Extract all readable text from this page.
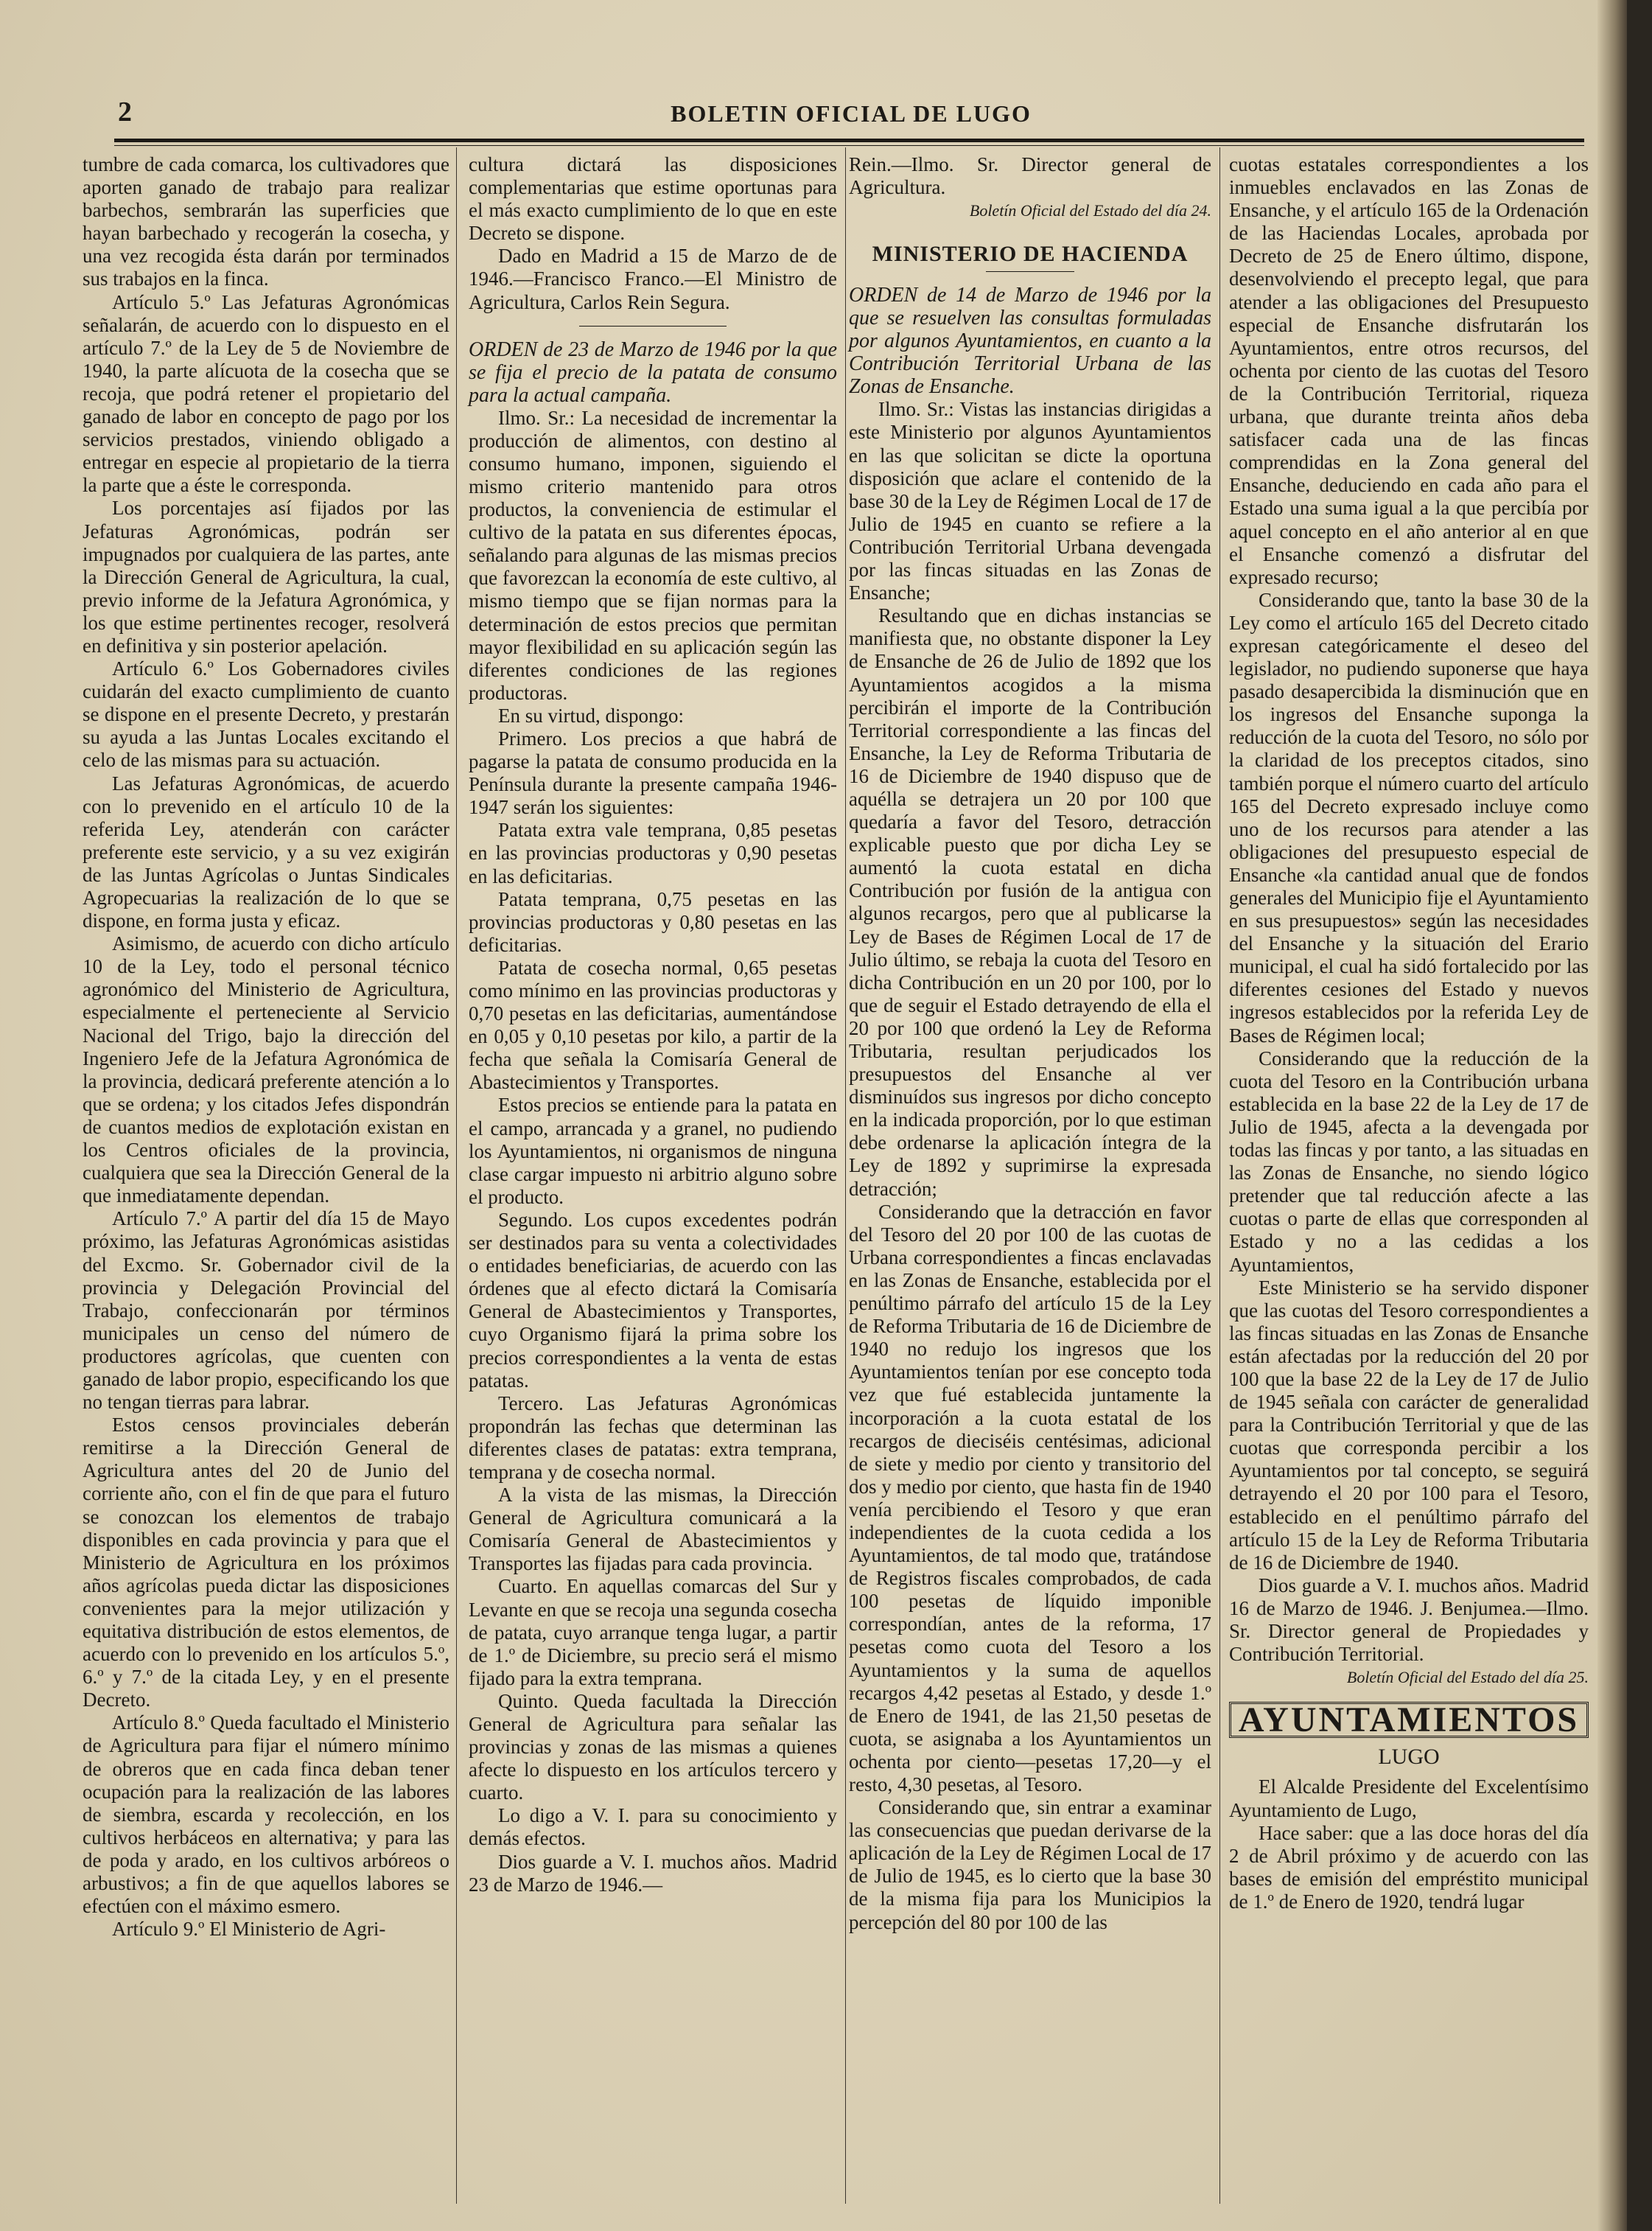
2	BOLETIN OFICIAL DE LUGO

tumbre de cada comarca, los cultivadores que aporten ganado de trabajo para realizar barbechos, sembrarán las superficies que hayan barbechado y recogerán la cosecha, y una vez recogida ésta darán por terminados sus trabajos en la finca.

Artículo 5.º Las Jefaturas Agronómicas señalarán, de acuerdo con lo dispuesto en el artículo 7.º de la Ley de 5 de Noviembre de 1940, la parte alícuota de la cosecha que se recoja, que podrá retener el propietario del ganado de labor en concepto de pago por los servicios prestados, viniendo obligado a entregar en especie al propietario de la tierra la parte que a éste le corresponda.

Los porcentajes así fijados por las Jefaturas Agronómicas, podrán ser impugnados por cualquiera de las partes, ante la Dirección General de Agricultura, la cual, previo informe de la Jefatura Agronómica, y los que estime pertinentes recoger, resolverá en definitiva y sin posterior apelación.

Artículo 6.º Los Gobernadores civiles cuidarán del exacto cumplimiento de cuanto se dispone en el presente Decreto, y prestarán su ayuda a las Juntas Locales excitando el celo de las mismas para su actuación.

Las Jefaturas Agronómicas, de acuerdo con lo prevenido en el artículo 10 de la referida Ley, atenderán con carácter preferente este servicio, y a su vez exigirán de las Juntas Agrícolas o Juntas Sindicales Agropecuarias la realización de lo que se dispone, en forma justa y eficaz.

Asimismo, de acuerdo con dicho artículo 10 de la Ley, todo el personal técnico agronómico del Ministerio de Agricultura, especialmente el perteneciente al Servicio Nacional del Trigo, bajo la dirección del Ingeniero Jefe de la Jefatura Agronómica de la provincia, dedicará preferente atención a lo que se ordena; y los citados Jefes dispondrán de cuantos medios de explotación existan en los Centros oficiales de la provincia, cualquiera que sea la Dirección General de la que inmediatamente dependan.

Artículo 7.º A partir del día 15 de Mayo próximo, las Jefaturas Agronómicas asistidas del Excmo. Sr. Gobernador civil de la provincia y Delegación Provincial del Trabajo, confeccionarán por términos municipales un censo del número de productores agrícolas, que cuenten con ganado de labor propio, especificando los que no tengan tierras para labrar.

Estos censos provinciales deberán remitirse a la Dirección General de Agricultura antes del 20 de Junio del corriente año, con el fin de que para el futuro se conozcan los elementos de trabajo disponibles en cada provincia y para que el Ministerio de Agricultura en los próximos años agrícolas pueda dictar las disposiciones convenientes para la mejor utilización y equitativa distribución de estos elementos, de acuerdo con lo prevenido en los artículos 5.º, 6.º y 7.º de la citada Ley, y en el presente Decreto.

Artículo 8.º Queda facultado el Ministerio de Agricultura para fijar el número mínimo de obreros que en cada finca deban tener ocupación para la realización de las labores de siembra, escarda y recolección, en los cultivos herbáceos en alternativa; y para las de poda y arado, en los cultivos arbóreos o arbustivos; a fin de que aquellos labores se efectúen con el máximo esmero.

Artículo 9.º El Ministerio de Agri-

cultura dictará las disposiciones complementarias que estime oportunas para el más exacto cumplimiento de lo que en este Decreto se dispone.

Dado en Madrid a 15 de Marzo de de 1946.—Francisco Franco.—El Ministro de Agricultura, Carlos Rein Segura.

ORDEN de 23 de Marzo de 1946 por la que se fija el precio de la patata de consumo para la actual campaña.

Ilmo. Sr.: La necesidad de incrementar la producción de alimentos, con destino al consumo humano, imponen, siguiendo el mismo criterio mantenido para otros productos, la conveniencia de estimular el cultivo de la patata en sus diferentes épocas, señalando para algunas de las mismas precios que favorezcan la economía de este cultivo, al mismo tiempo que se fijan normas para la determinación de estos precios que permitan mayor flexibilidad en su aplicación según las diferentes condiciones de las regiones productoras.

En su virtud, dispongo:

Primero. Los precios a que habrá de pagarse la patata de consumo producida en la Península durante la presente campaña 1946-1947 serán los siguientes:

Patata extra vale temprana, 0,85 pesetas en las provincias productoras y 0,90 pesetas en las deficitarias.

Patata temprana, 0,75 pesetas en las provincias productoras y 0,80 pesetas en las deficitarias.

Patata de cosecha normal, 0,65 pesetas como mínimo en las provincias productoras y 0,70 pesetas en las deficitarias, aumentándose en 0,05 y 0,10 pesetas por kilo, a partir de la fecha que señala la Comisaría General de Abastecimientos y Transportes.

Estos precios se entiende para la patata en el campo, arrancada y a granel, no pudiendo los Ayuntamientos, ni organismos de ninguna clase cargar impuesto ni arbitrio alguno sobre el producto.

Segundo. Los cupos excedentes podrán ser destinados para su venta a colectividades o entidades beneficiarias, de acuerdo con las órdenes que al efecto dictará la Comisaría General de Abastecimientos y Transportes, cuyo Organismo fijará la prima sobre los precios correspondientes a la venta de estas patatas.

Tercero. Las Jefaturas Agronómicas propondrán las fechas que determinan las diferentes clases de patatas: extra temprana, temprana y de cosecha normal.

A la vista de las mismas, la Dirección General de Agricultura comunicará a la Comisaría General de Abastecimientos y Transportes las fijadas para cada provincia.

Cuarto. En aquellas comarcas del Sur y Levante en que se recoja una segunda cosecha de patata, cuyo arranque tenga lugar, a partir de 1.º de Diciembre, su precio será el mismo fijado para la extra temprana.

Quinto. Queda facultada la Dirección General de Agricultura para señalar las provincias y zonas de las mismas a quienes afecte lo dispuesto en los artículos tercero y cuarto.

Lo digo a V. I. para su conocimiento y demás efectos.

Dios guarde a V. I. muchos años. Madrid 23 de Marzo de 1946.—

Rein.—Ilmo. Sr. Director general de Agricultura.

Boletín Oficial del Estado del día 24.

MINISTERIO DE HACIENDA

ORDEN de 14 de Marzo de 1946 por la que se resuelven las consultas formuladas por algunos Ayuntamientos, en cuanto a la Contribución Territorial Urbana de las Zonas de Ensanche.

Ilmo. Sr.: Vistas las instancias dirigidas a este Ministerio por algunos Ayuntamientos en las que solicitan se dicte la oportuna disposición que aclare el contenido de la base 30 de la Ley de Régimen Local de 17 de Julio de 1945 en cuanto se refiere a la Contribución Territorial Urbana devengada por las fincas situadas en las Zonas de Ensanche;

Resultando que en dichas instancias se manifiesta que, no obstante disponer la Ley de Ensanche de 26 de Julio de 1892 que los Ayuntamientos acogidos a la misma percibirán el importe de la Contribución Territorial correspondiente a las fincas del Ensanche, la Ley de Reforma Tributaria de 16 de Diciembre de 1940 dispuso que de aquélla se detrajera un 20 por 100 que quedaría a favor del Tesoro, detracción explicable puesto que por dicha Ley se aumentó la cuota estatal en dicha Contribución por fusión de la antigua con algunos recargos, pero que al publicarse la Ley de Bases de Régimen Local de 17 de Julio último, se rebaja la cuota del Tesoro en dicha Contribución en un 20 por 100, por lo que de seguir el Estado detrayendo de ella el 20 por 100 que ordenó la Ley de Reforma Tributaria, resultan perjudicados los presupuestos del Ensanche al ver disminuídos sus ingresos por dicho concepto en la indicada proporción, por lo que estiman debe ordenarse la aplicación íntegra de la Ley de 1892 y suprimirse la expresada detracción;

Considerando que la detracción en favor del Tesoro del 20 por 100 de las cuotas de Urbana correspondientes a fincas enclavadas en las Zonas de Ensanche, establecida por el penúltimo párrafo del artículo 15 de la Ley de Reforma Tributaria de 16 de Diciembre de 1940 no redujo los ingresos que los Ayuntamientos tenían por ese concepto toda vez que fué establecida juntamente la incorporación a la cuota estatal de los recargos de dieciséis centésimas, adicional de siete y medio por ciento y transitorio del dos y medio por ciento, que hasta fin de 1940 venía percibiendo el Tesoro y que eran independientes de la cuota cedida a los Ayuntamientos, de tal modo que, tratándose de Registros fiscales comprobados, de cada 100 pesetas de líquido imponible correspondían, antes de la reforma, 17 pesetas como cuota del Tesoro a los Ayuntamientos y la suma de aquellos recargos 4,42 pesetas al Estado, y desde 1.º de Enero de 1941, de las 21,50 pesetas de cuota, se asignaba a los Ayuntamientos un ochenta por ciento—pesetas 17,20—y el resto, 4,30 pesetas, al Tesoro.

Considerando que, sin entrar a examinar las consecuencias que puedan derivarse de la aplicación de la Ley de Régimen Local de 17 de Julio de 1945, es lo cierto que la base 30 de la misma fija para los Municipios la percepción del 80 por 100 de las

cuotas estatales correspondientes a los inmuebles enclavados en las Zonas de Ensanche, y el artículo 165 de la Ordenación de las Haciendas Locales, aprobada por Decreto de 25 de Enero último, dispone, desenvolviendo el precepto legal, que para atender a las obligaciones del Presupuesto especial de Ensanche disfrutarán los Ayuntamientos, entre otros recursos, del ochenta por ciento de las cuotas del Tesoro de la Contribución Territorial, riqueza urbana, que durante treinta años deba satisfacer cada una de las fincas comprendidas en la Zona general del Ensanche, deduciendo en cada año para el Estado una suma igual a la que percibía por aquel concepto en el año anterior al en que el Ensanche comenzó a disfrutar del expresado recurso;

Considerando que, tanto la base 30 de la Ley como el artículo 165 del Decreto citado expresan categóricamente el deseo del legislador, no pudiendo suponerse que haya pasado desapercibida la disminución que en los ingresos del Ensanche suponga la reducción de la cuota del Tesoro, no sólo por la claridad de los preceptos citados, sino también porque el número cuarto del artículo 165 del Decreto expresado incluye como uno de los recursos para atender a las obligaciones del presupuesto especial de Ensanche «la cantidad anual que de fondos generales del Municipio fije el Ayuntamiento en sus presupuestos» según las necesidades del Ensanche y la situación del Erario municipal, el cual ha sidó fortalecido por las diferentes cesiones del Estado y nuevos ingresos establecidos por la referida Ley de Bases de Régimen local;

Considerando que la reducción de la cuota del Tesoro en la Contribución urbana establecida en la base 22 de la Ley de 17 de Julio de 1945, afecta a la devengada por todas las fincas y por tanto, a las situadas en las Zonas de Ensanche, no siendo lógico pretender que tal reducción afecte a las cuotas o parte de ellas que corresponden al Estado y no a las cedidas a los Ayuntamientos,

Este Ministerio se ha servido disponer que las cuotas del Tesoro correspondientes a las fincas situadas en las Zonas de Ensanche están afectadas por la reducción del 20 por 100 que la base 22 de la Ley de 17 de Julio de 1945 señala con carácter de generalidad para la Contribución Territorial y que de las cuotas que corresponda percibir a los Ayuntamientos por tal concepto, se seguirá detrayendo el 20 por 100 para el Tesoro, establecido en el penúltimo párrafo del artículo 15 de la Ley de Reforma Tributaria de 16 de Diciembre de 1940.

Dios guarde a V. I. muchos años. Madrid 16 de Marzo de 1946. J. Benjumea.—Ilmo. Sr. Director general de Propiedades y Contribución Territorial.

Boletín Oficial del Estado del día 25.

AYUNTAMIENTOS
LUGO

El Alcalde Presidente del Excelentísimo Ayuntamiento de Lugo,

Hace saber: que a las doce horas del día 2 de Abril próximo y de acuerdo con las bases de emisión del empréstito municipal de 1.º de Enero de 1920, tendrá lugar
